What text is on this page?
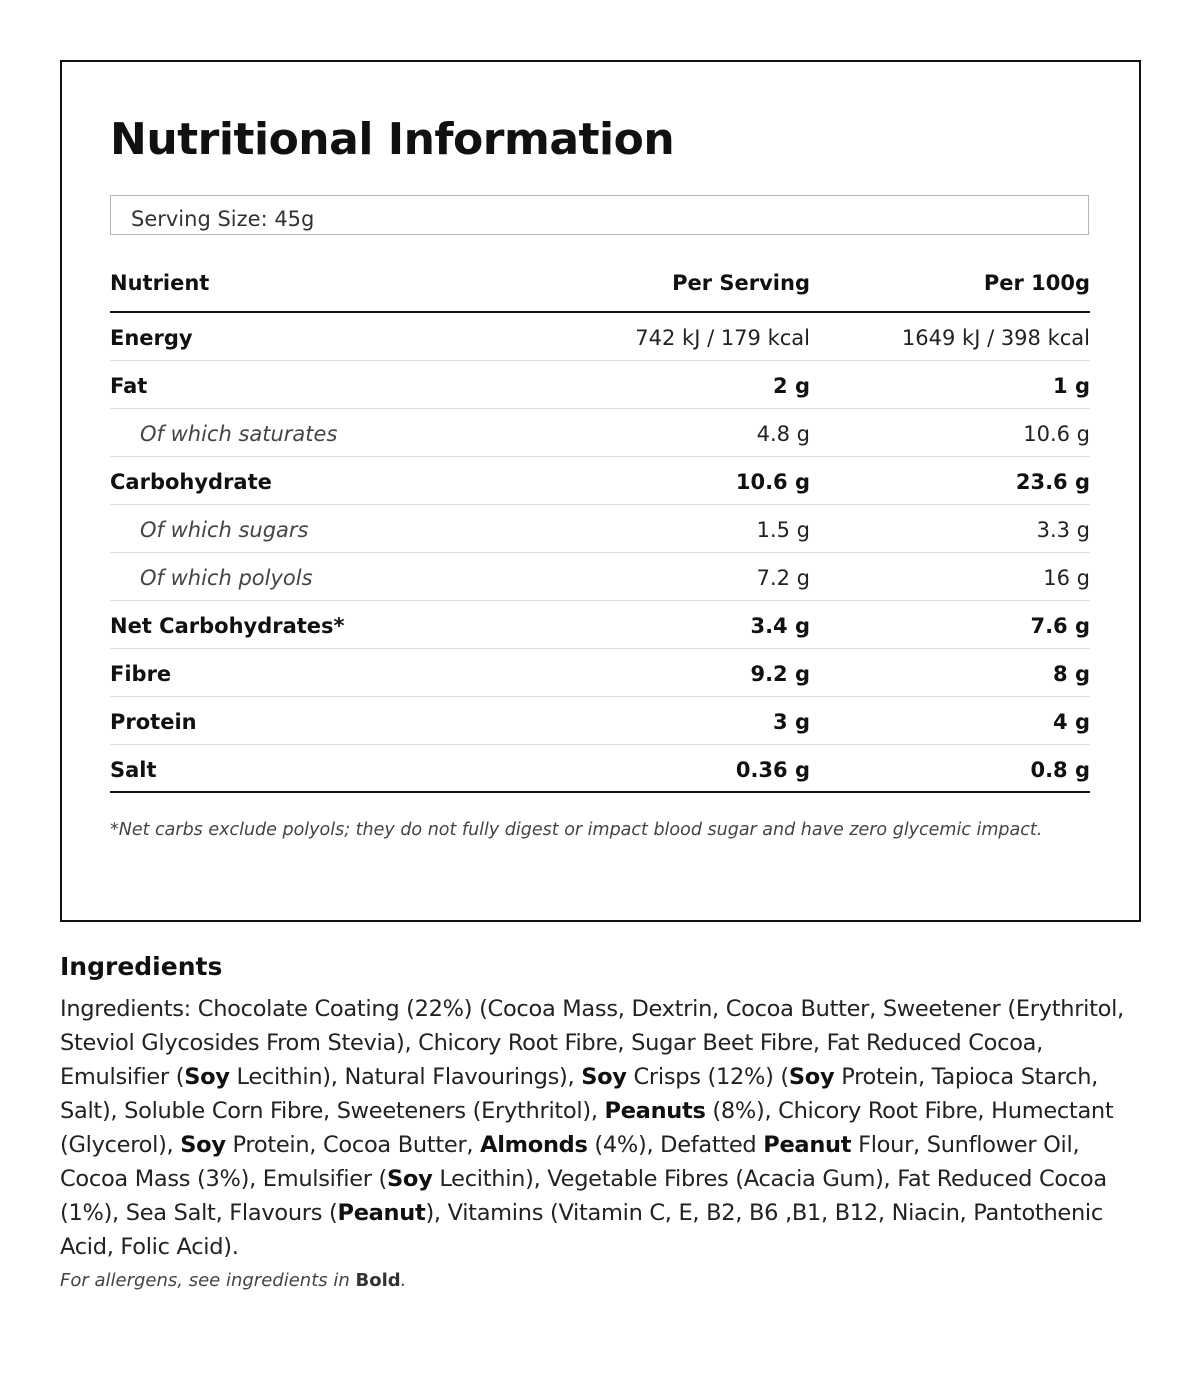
Nutritional Information
Serving Size: 45g
Nutrient	Per Serving	Per 100g
Energy	742 kJ / 179 kcal	1649 kJ / 398 kcal
Fat	2 g	1 g
Of which saturates	4.8 g	10.6 g
Carbohydrate	10.6 g	23.6 g
Of which sugars	1.5 g	3.3 g
Of which polyols	7.2 g	16 g
Net Carbohydrates*	3.4 g	7.6 g
Fibre	9.2 g	8 g
Protein	3 g	4 g
Salt	0.36 g	0.8 g
*Net carbs exclude polyols; they do not fully digest or impact blood sugar and have zero glycemic impact.
Ingredients
Ingredients: Chocolate Coating (22%) (Cocoa Mass, Dextrin, Cocoa Butter, Sweetener (Erythritol, Steviol Glycosides From Stevia), Chicory Root Fibre, Sugar Beet Fibre, Fat Reduced Cocoa, Emulsifier (Soy Lecithin), Natural Flavourings), Soy Crisps (12%) (Soy Protein, Tapioca Starch, Salt), Soluble Corn Fibre, Sweeteners (Erythritol), Peanuts (8%), Chicory Root Fibre, Humectant (Glycerol), Soy Protein, Cocoa Butter, Almonds (4%), Defatted Peanut Flour, Sunflower Oil, Cocoa Mass (3%), Emulsifier (Soy Lecithin), Vegetable Fibres (Acacia Gum), Fat Reduced Cocoa (1%), Sea Salt, Flavours (Peanut), Vitamins (Vitamin C, E, B2, B6 ,B1, B12, Niacin, Pantothenic Acid, Folic Acid).
For allergens, see ingredients in Bold.
